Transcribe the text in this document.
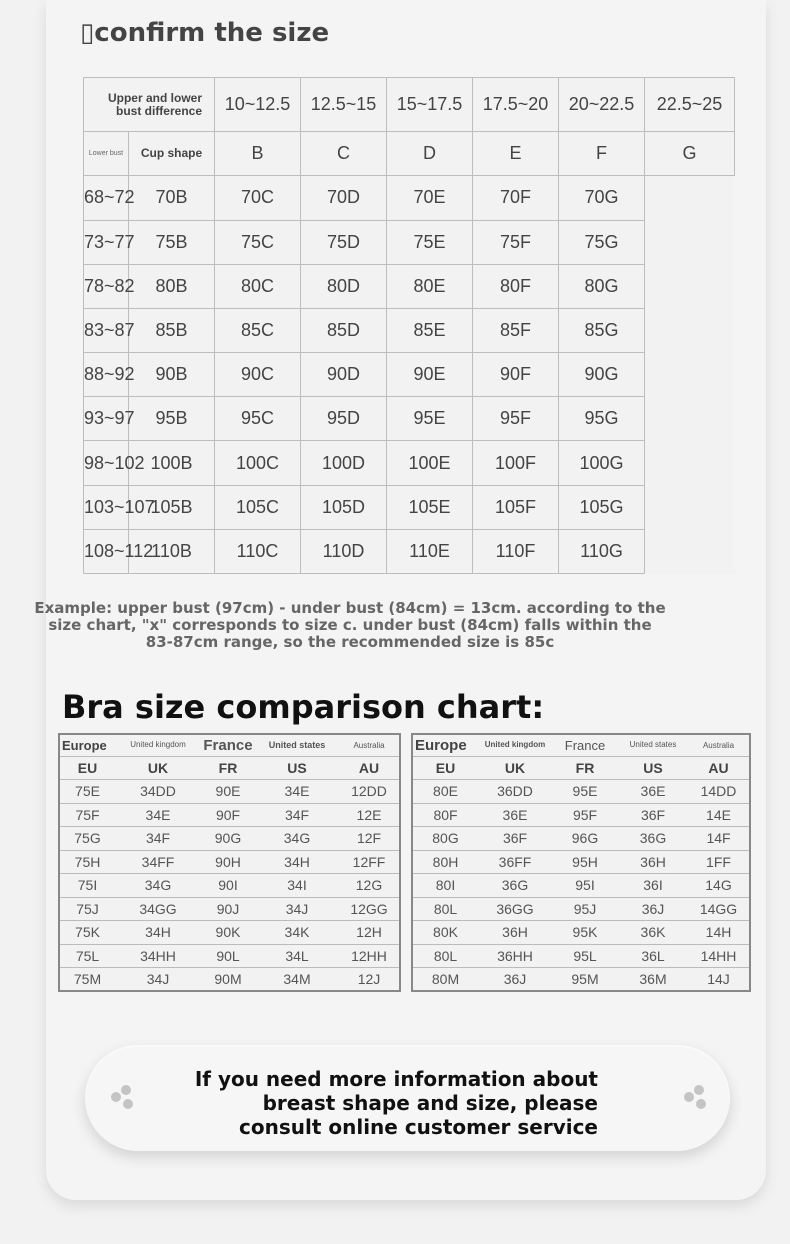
▯confirm the size
Upper and lower bust difference		10~12.5	12.5~15	15~17.5	17.5~20	20~22.5	22.5~25
Lower bust	Cup shape	B	C	D	E	F	G
68~72	70B	70C	70D	70E	70F	70G	
73~77	75B	75C	75D	75E	75F	75G	
78~82	80B	80C	80D	80E	80F	80G	
83~87	85B	85C	85D	85E	85F	85G	
88~92	90B	90C	90D	90E	90F	90G	
93~97	95B	95C	95D	95E	95F	95G	
98~102	100B	100C	100D	100E	100F	100G	
103~107	105B	105C	105D	105E	105F	105G	
108~112	110B	110C	110D	110E	110F	110G	
Example: upper bust (97cm) - under bust (84cm) = 13cm. according to the
size chart, "x" corresponds to size c. under bust (84cm) falls within the
83-87cm range, so the recommended size is 85c
Bra size comparison chart:
Europe	United kingdom	France	United states	Australia
EU	UK	FR	US	AU
75E	34DD	90E	34E	12DD
75F	34E	90F	34F	12E
75G	34F	90G	34G	12F
75H	34FF	90H	34H	12FF
75I	34G	90I	34I	12G
75J	34GG	90J	34J	12GG
75K	34H	90K	34K	12H
75L	34HH	90L	34L	12HH
75M	34J	90M	34M	12J
Europe	United kingdom	France	United states	Australia
EU	UK	FR	US	AU
80E	36DD	95E	36E	14DD
80F	36E	95F	36F	14E
80G	36F	96G	36G	14F
80H	36FF	95H	36H	1FF
80I	36G	95I	36I	14G
80L	36GG	95J	36J	14GG
80K	36H	95K	36K	14H
80L	36HH	95L	36L	14HH
80M	36J	95M	36M	14J
If you need more information about
breast shape and size, please
consult online customer service
